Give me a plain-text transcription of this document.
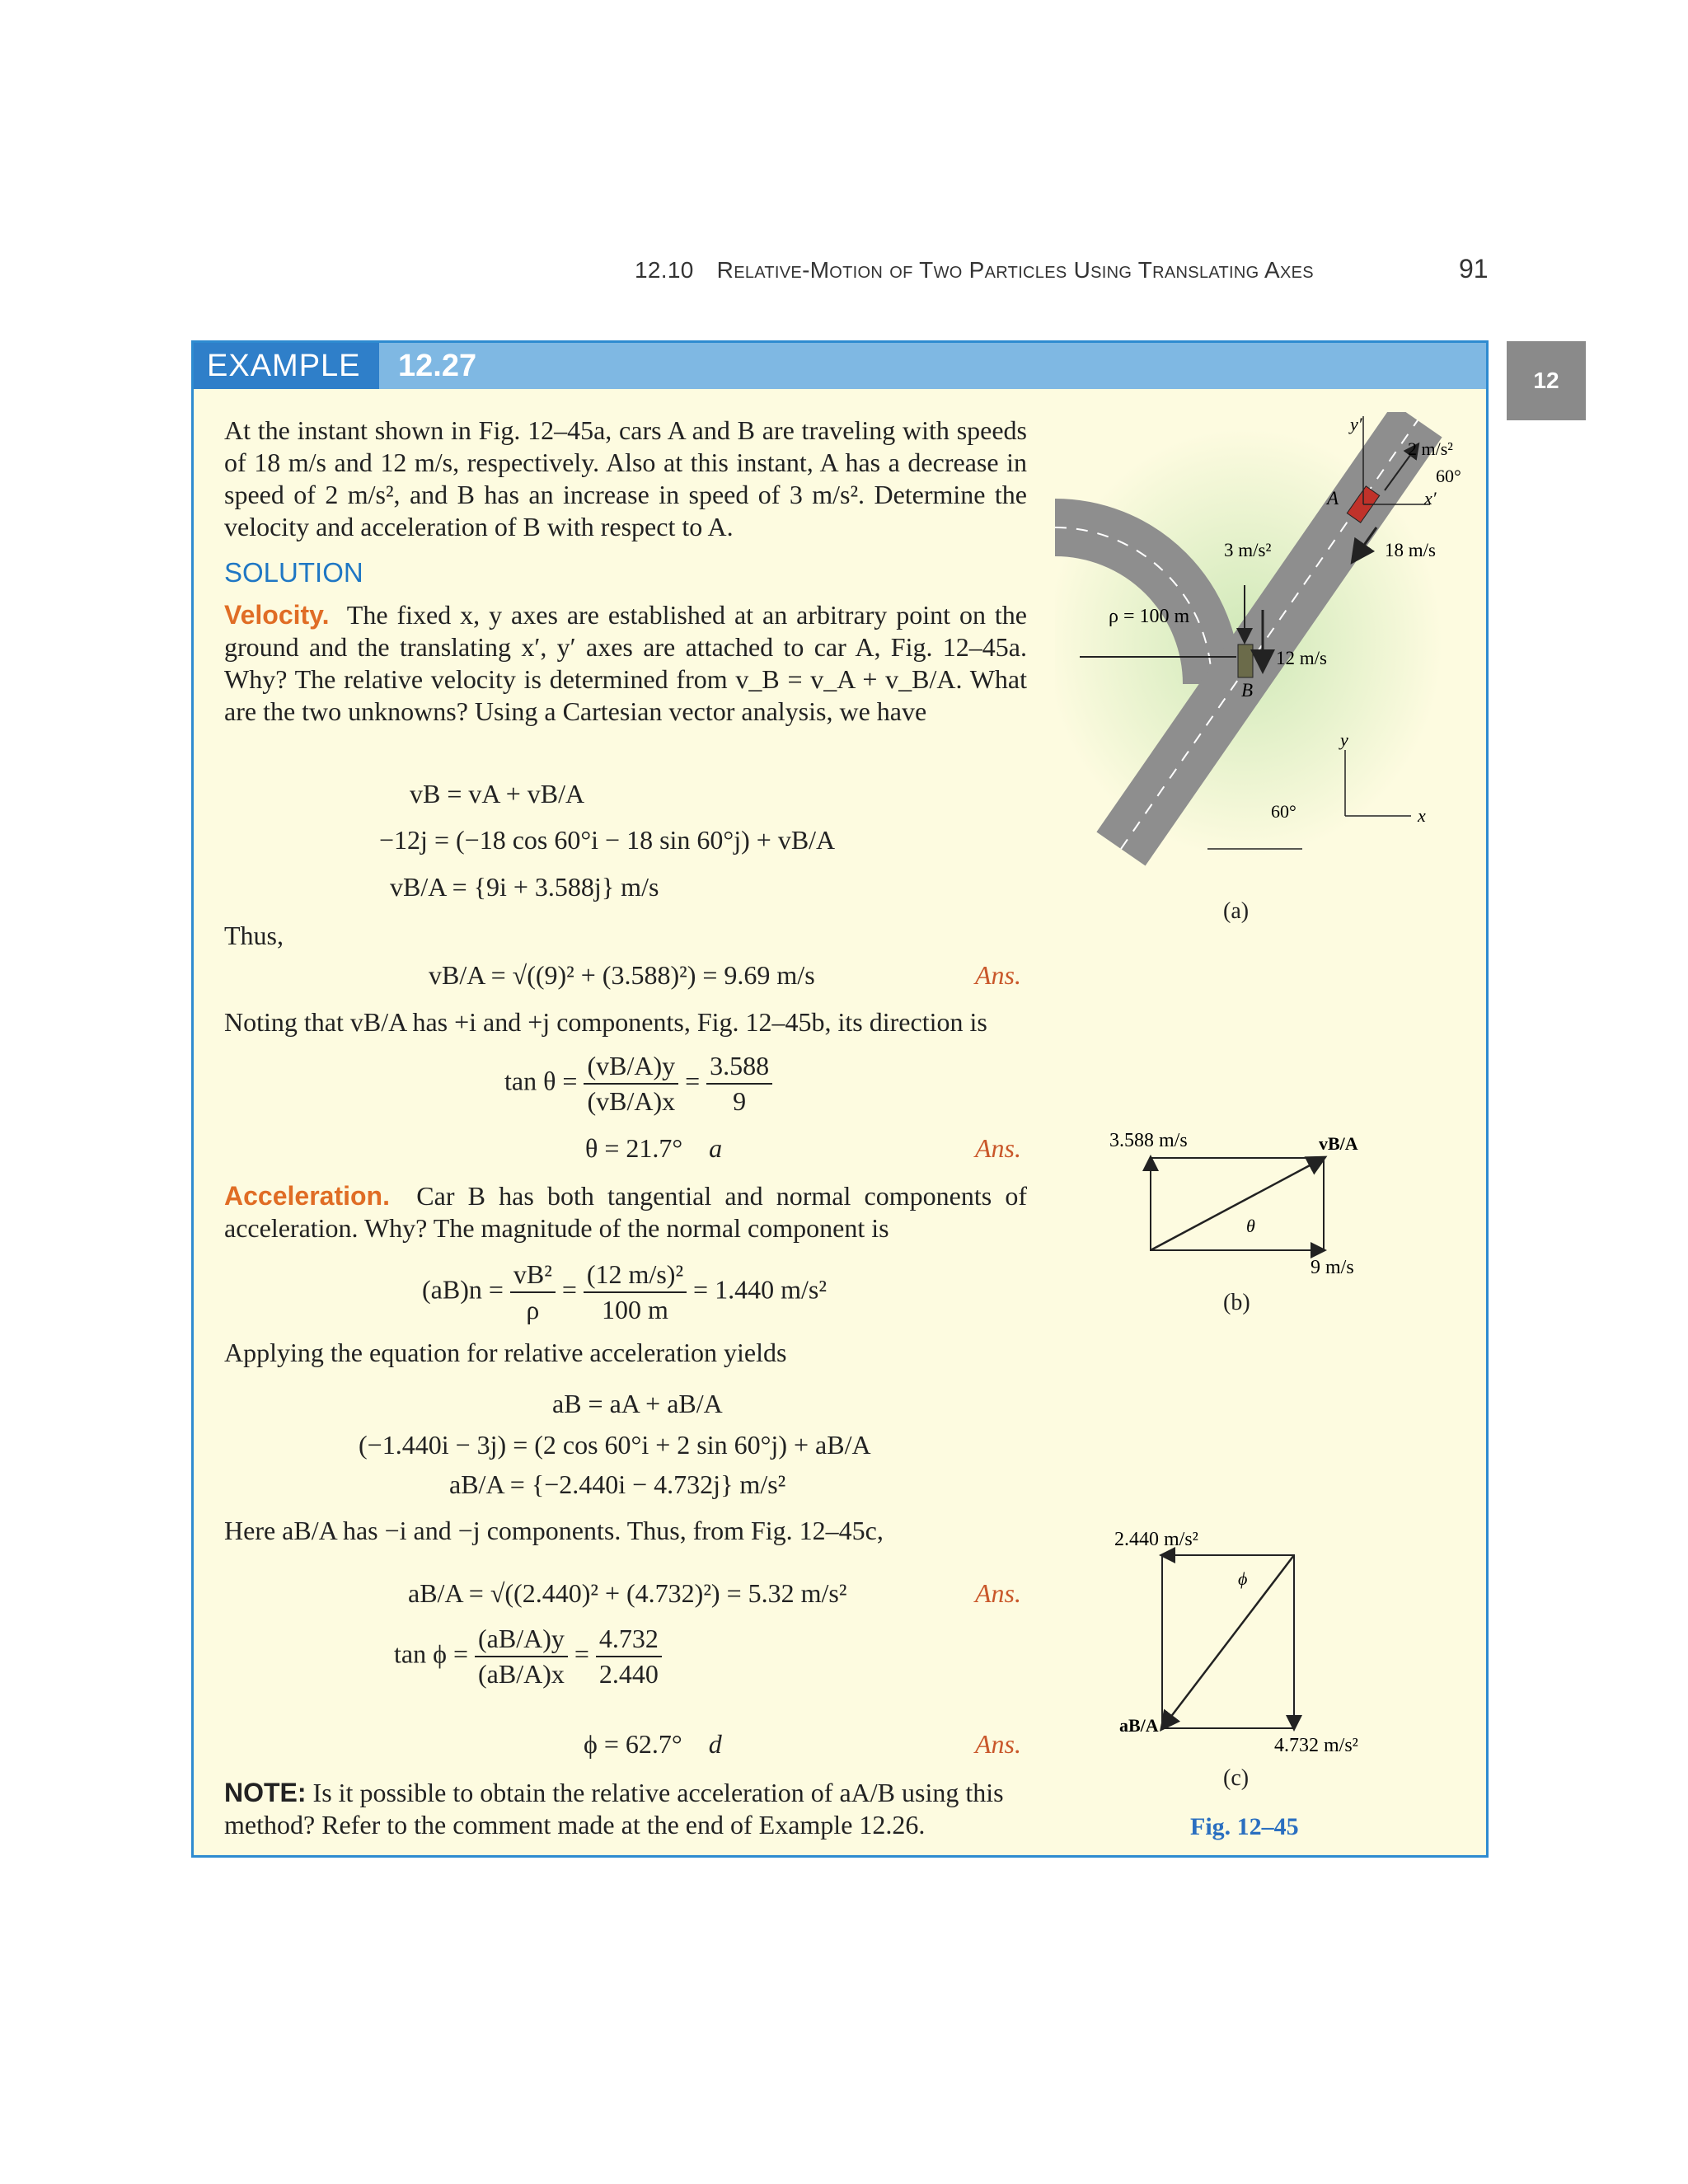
12.10 Relative-Motion of Two Particles Using Translating Axes	91
12
EXAMPLE	12.27
At the instant shown in Fig. 12–45a, cars A and B are traveling with speeds of 18 m/s and 12 m/s, respectively. Also at this instant, A has a decrease in speed of 2 m/s², and B has an increase in speed of 3 m/s². Determine the velocity and acceleration of B with respect to A.
SOLUTION
Velocity. The fixed x, y axes are established at an arbitrary point on the ground and the translating x′, y′ axes are attached to car A, Fig. 12–45a. Why? The relative velocity is determined from v_B = v_A + v_B/A. What are the two unknowns? Using a Cartesian vector analysis, we have
vB = vA + vB/A
−12j = (−18 cos 60°i − 18 sin 60°j) + vB/A
vB/A = {9i + 3.588j} m/s
Thus,
vB/A = √((9)² + (3.588)²) = 9.69 m/s	Ans.
Noting that vB/A has +i and +j components, Fig. 12–45b, its direction is
$\tan \theta = \frac{(vB/A)y}{(vB/A)x} = \frac{3.588}{9}$
θ = 21.7° a	Ans.
Acceleration. Car B has both tangential and normal components of acceleration. Why? The magnitude of the normal component is
$(aB)n = \frac{\text{vB²}}{\rho} = \frac{\text{(12 m/s)²}}{100 m} = 1.440$ m/s²
Applying the equation for relative acceleration yields
aB = aA + aB/A
(−1.440i − 3j) = (2 cos 60°i + 2 sin 60°j) + aB/A
aB/A = {−2.440i − 4.732j} m/s²
Here aB/A has −i and −j components. Thus, from Fig. 12–45c,
aB/A = √((2.440)² + (4.732)²) = 5.32 m/s²	Ans.
$\tan \phi = \frac{(aB/A)y}{(aB/A)x} = \frac{4.732}{2.440}$
ϕ = 62.7° d	Ans.
NOTE: Is it possible to obtain the relative acceleration of aA/B using this method? Refer to the comment made at the end of Example 12.26.
ρ = 100 m
3 m/s²
12 m/s
B
y′
x′
2 m/s²
60°
18 m/s
A
60°
y
x
(a)
3.588 m/s	vB/A
θ
9 m/s
(b)
2.440 m/s²
ϕ
aB/A
4.732 m/s²
(c)
Fig. 12–45
